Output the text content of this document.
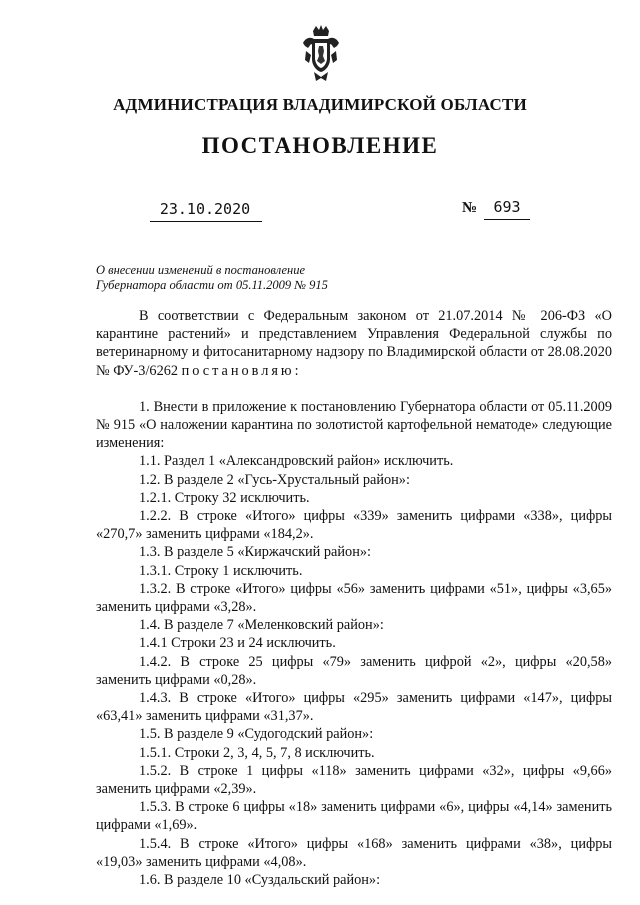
АДМИНИСТРАЦИЯ ВЛАДИМИРСКОЙ ОБЛАСТИ
ПОСТАНОВЛЕНИЕ
23.10.2020	№	693
О внесении изменений в постановление
Губернатора области от 05.11.2009 № 915

В соответствии с Федеральным законом от 21.07.2014 № 206-ФЗ «О карантине растений» и представлением Управления Федеральной службы по ветеринарному и фитосанитарному надзору по Владимирской области от 28.08.2020 № ФУ-3/6262 постановляю:

1. Внести в приложение к постановлению Губернатора области от 05.11.2009 № 915 «О наложении карантина по золотистой картофельной нематоде» следующие изменения:

1.1. Раздел 1 «Александровский район» исключить.

1.2. В разделе 2 «Гусь-Хрустальный район»:

1.2.1. Строку 32 исключить.

1.2.2. В строке «Итого» цифры «339» заменить цифрами «338», цифры «270,7» заменить цифрами «184,2».

1.3. В разделе 5 «Киржачский район»:

1.3.1. Строку 1 исключить.

1.3.2. В строке «Итого» цифры «56» заменить цифрами «51», цифры «3,65» заменить цифрами «3,28».

1.4. В разделе 7 «Меленковский район»:

1.4.1 Строки 23 и 24 исключить.

1.4.2. В строке 25 цифры «79» заменить цифрой «2», цифры «20,58» заменить цифрами «0,28».

1.4.3. В строке «Итого» цифры «295» заменить цифрами «147», цифры «63,41» заменить цифрами «31,37».

1.5. В разделе 9 «Судогодский район»:

1.5.1. Строки 2, 3, 4, 5, 7, 8 исключить.

1.5.2. В строке 1 цифры «118» заменить цифрами «32», цифры «9,66» заменить цифрами «2,39».

1.5.3. В строке 6 цифры «18» заменить цифрами «6», цифры «4,14» заменить цифрами «1,69».

1.5.4. В строке «Итого» цифры «168» заменить цифрами «38», цифры «19,03» заменить цифрами «4,08».

1.6. В разделе 10 «Суздальский район»:
